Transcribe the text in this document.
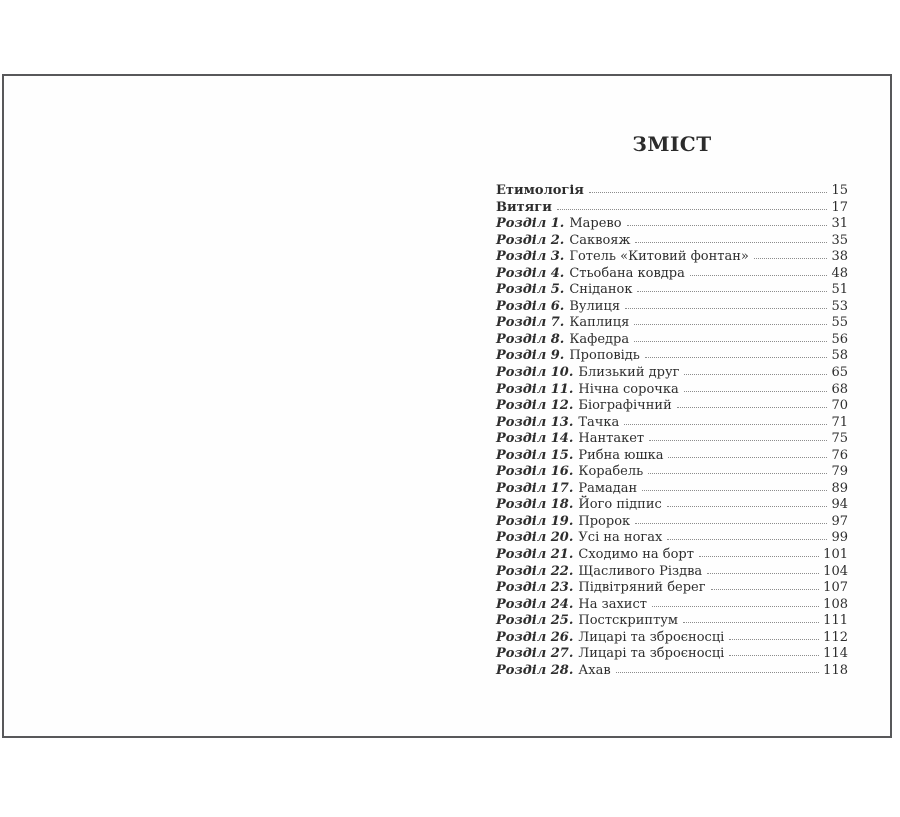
ЗМІСТ
Етимологія	15
Витяги	17
Розділ 1. Марево	31
Розділ 2. Саквояж	35
Розділ 3. Готель «Китовий фонтан»	38
Розділ 4. Стьобана ковдра	48
Розділ 5. Сніданок	51
Розділ 6. Вулиця	53
Розділ 7. Каплиця	55
Розділ 8. Кафедра	56
Розділ 9. Проповідь	58
Розділ 10. Близький друг	65
Розділ 11. Нічна сорочка	68
Розділ 12. Біографічний	70
Розділ 13. Тачка	71
Розділ 14. Нантакет	75
Розділ 15. Рибна юшка	76
Розділ 16. Корабель	79
Розділ 17. Рамадан	89
Розділ 18. Його підпис	94
Розділ 19. Пророк	97
Розділ 20. Усі на ногах	99
Розділ 21. Сходимо на борт	101
Розділ 22. Щасливого Різдва	104
Розділ 23. Підвітряний берег	107
Розділ 24. На захист	108
Розділ 25. Постскриптум	111
Розділ 26. Лицарі та зброєносці	112
Розділ 27. Лицарі та зброєносці	114
Розділ 28. Ахав	118
